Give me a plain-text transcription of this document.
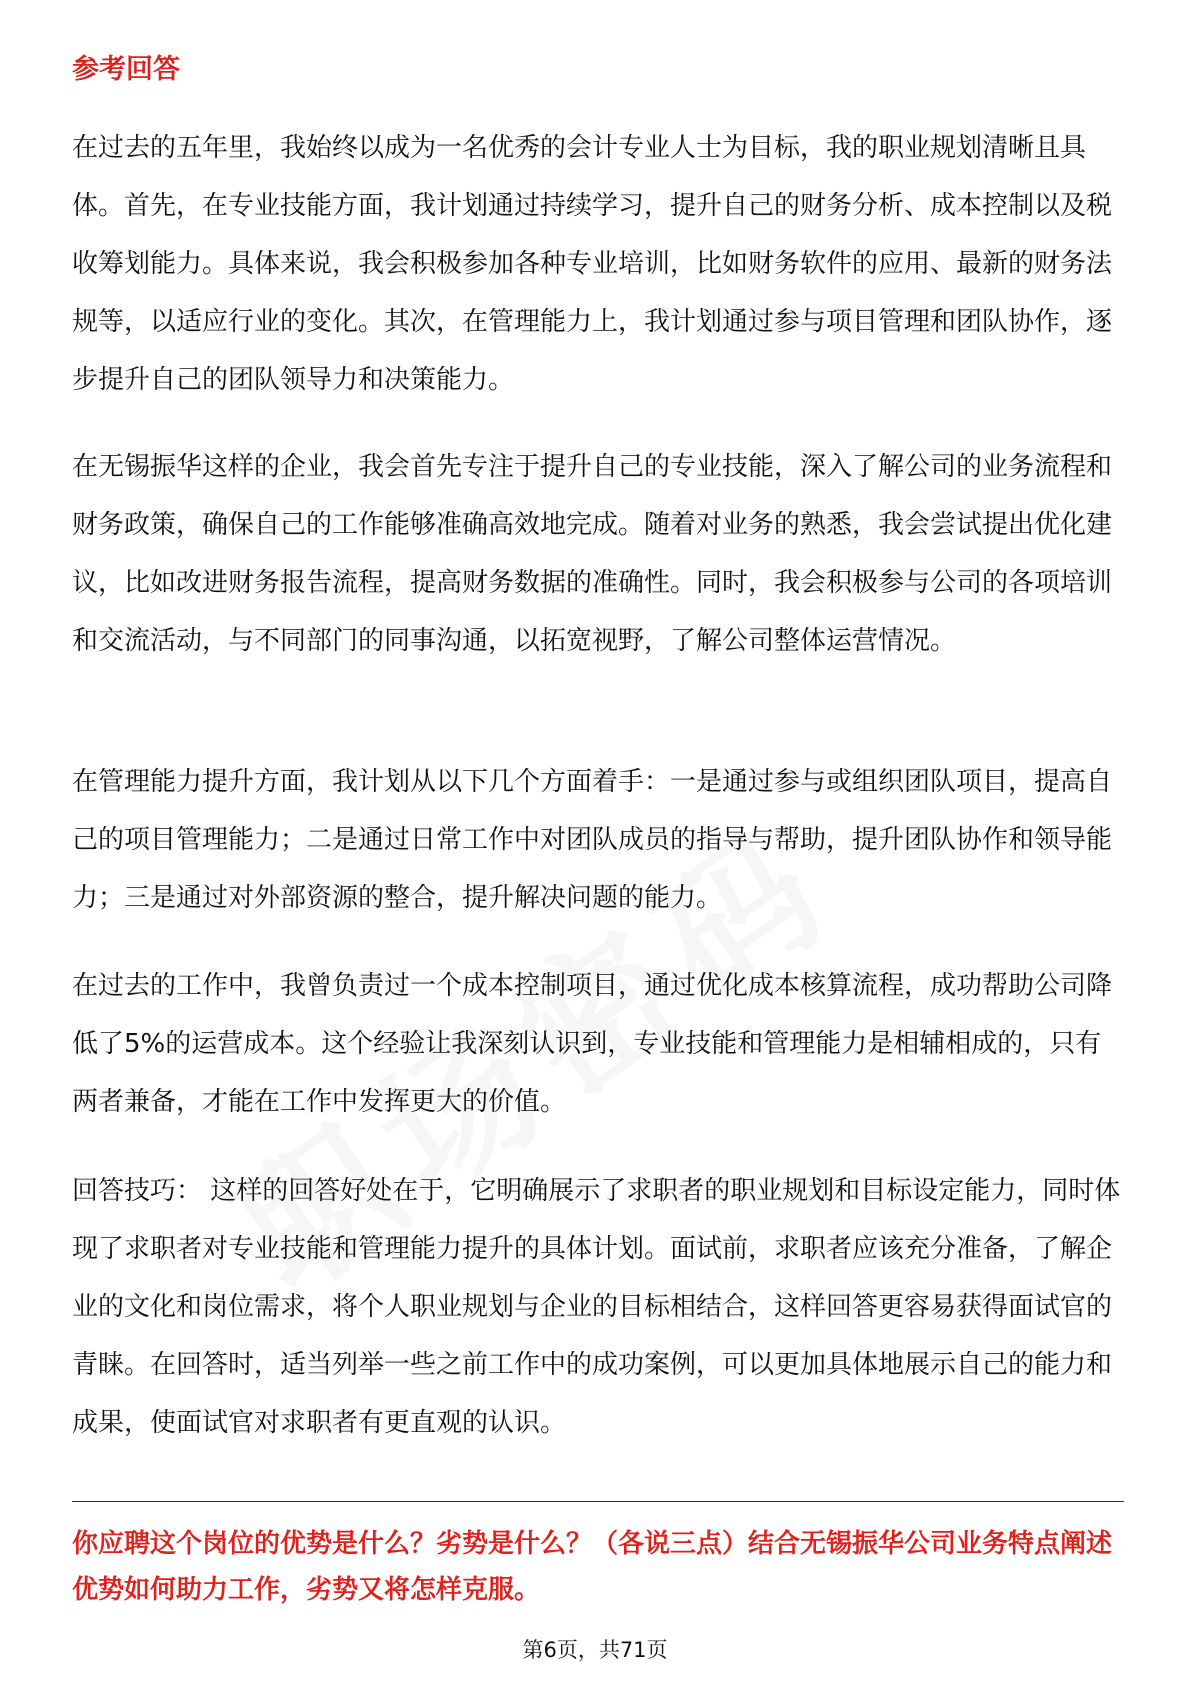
参考回答

在过去的五年里，我始终以成为一名优秀的会计专业人士为目标，我的职业规划清晰且具体。首先，在专业技能方面，我计划通过持续学习，提升自己的财务分析、成本控制以及税收筹划能力。具体来说，我会积极参加各种专业培训，比如财务软件的应用、最新的财务法规等，以适应行业的变化。其次，在管理能力上，我计划通过参与项目管理和团队协作，逐步提升自己的团队领导力和决策能力。

在无锡振华这样的企业，我会首先专注于提升自己的专业技能，深入了解公司的业务流程和财务政策，确保自己的工作能够准确高效地完成。随着对业务的熟悉，我会尝试提出优化建议，比如改进财务报告流程，提高财务数据的准确性。同时，我会积极参与公司的各项培训和交流活动，与不同部门的同事沟通，以拓宽视野，了解公司整体运营情况。

在管理能力提升方面，我计划从以下几个方面着手：一是通过参与或组织团队项目，提高自己的项目管理能力；二是通过日常工作中对团队成员的指导与帮助，提升团队协作和领导能力；三是通过对外部资源的整合，提升解决问题的能力。

在过去的工作中，我曾负责过一个成本控制项目，通过优化成本核算流程，成功帮助公司降低了5%的运营成本。这个经验让我深刻认识到，专业技能和管理能力是相辅相成的，只有两者兼备，才能在工作中发挥更大的价值。

回答技巧： 这样的回答好处在于，它明确展示了求职者的职业规划和目标设定能力，同时体现了求职者对专业技能和管理能力提升的具体计划。面试前，求职者应该充分准备，了解企业的文化和岗位需求，将个人职业规划与企业的目标相结合，这样回答更容易获得面试官的青睐。在回答时，适当列举一些之前工作中的成功案例，可以更加具体地展示自己的能力和成果，使面试官对求职者有更直观的认识。

你应聘这个岗位的优势是什么？劣势是什么？（各说三点）结合无锡振华公司业务特点阐述优势如何助力工作，劣势又将怎样克服。

第6页，共71页
